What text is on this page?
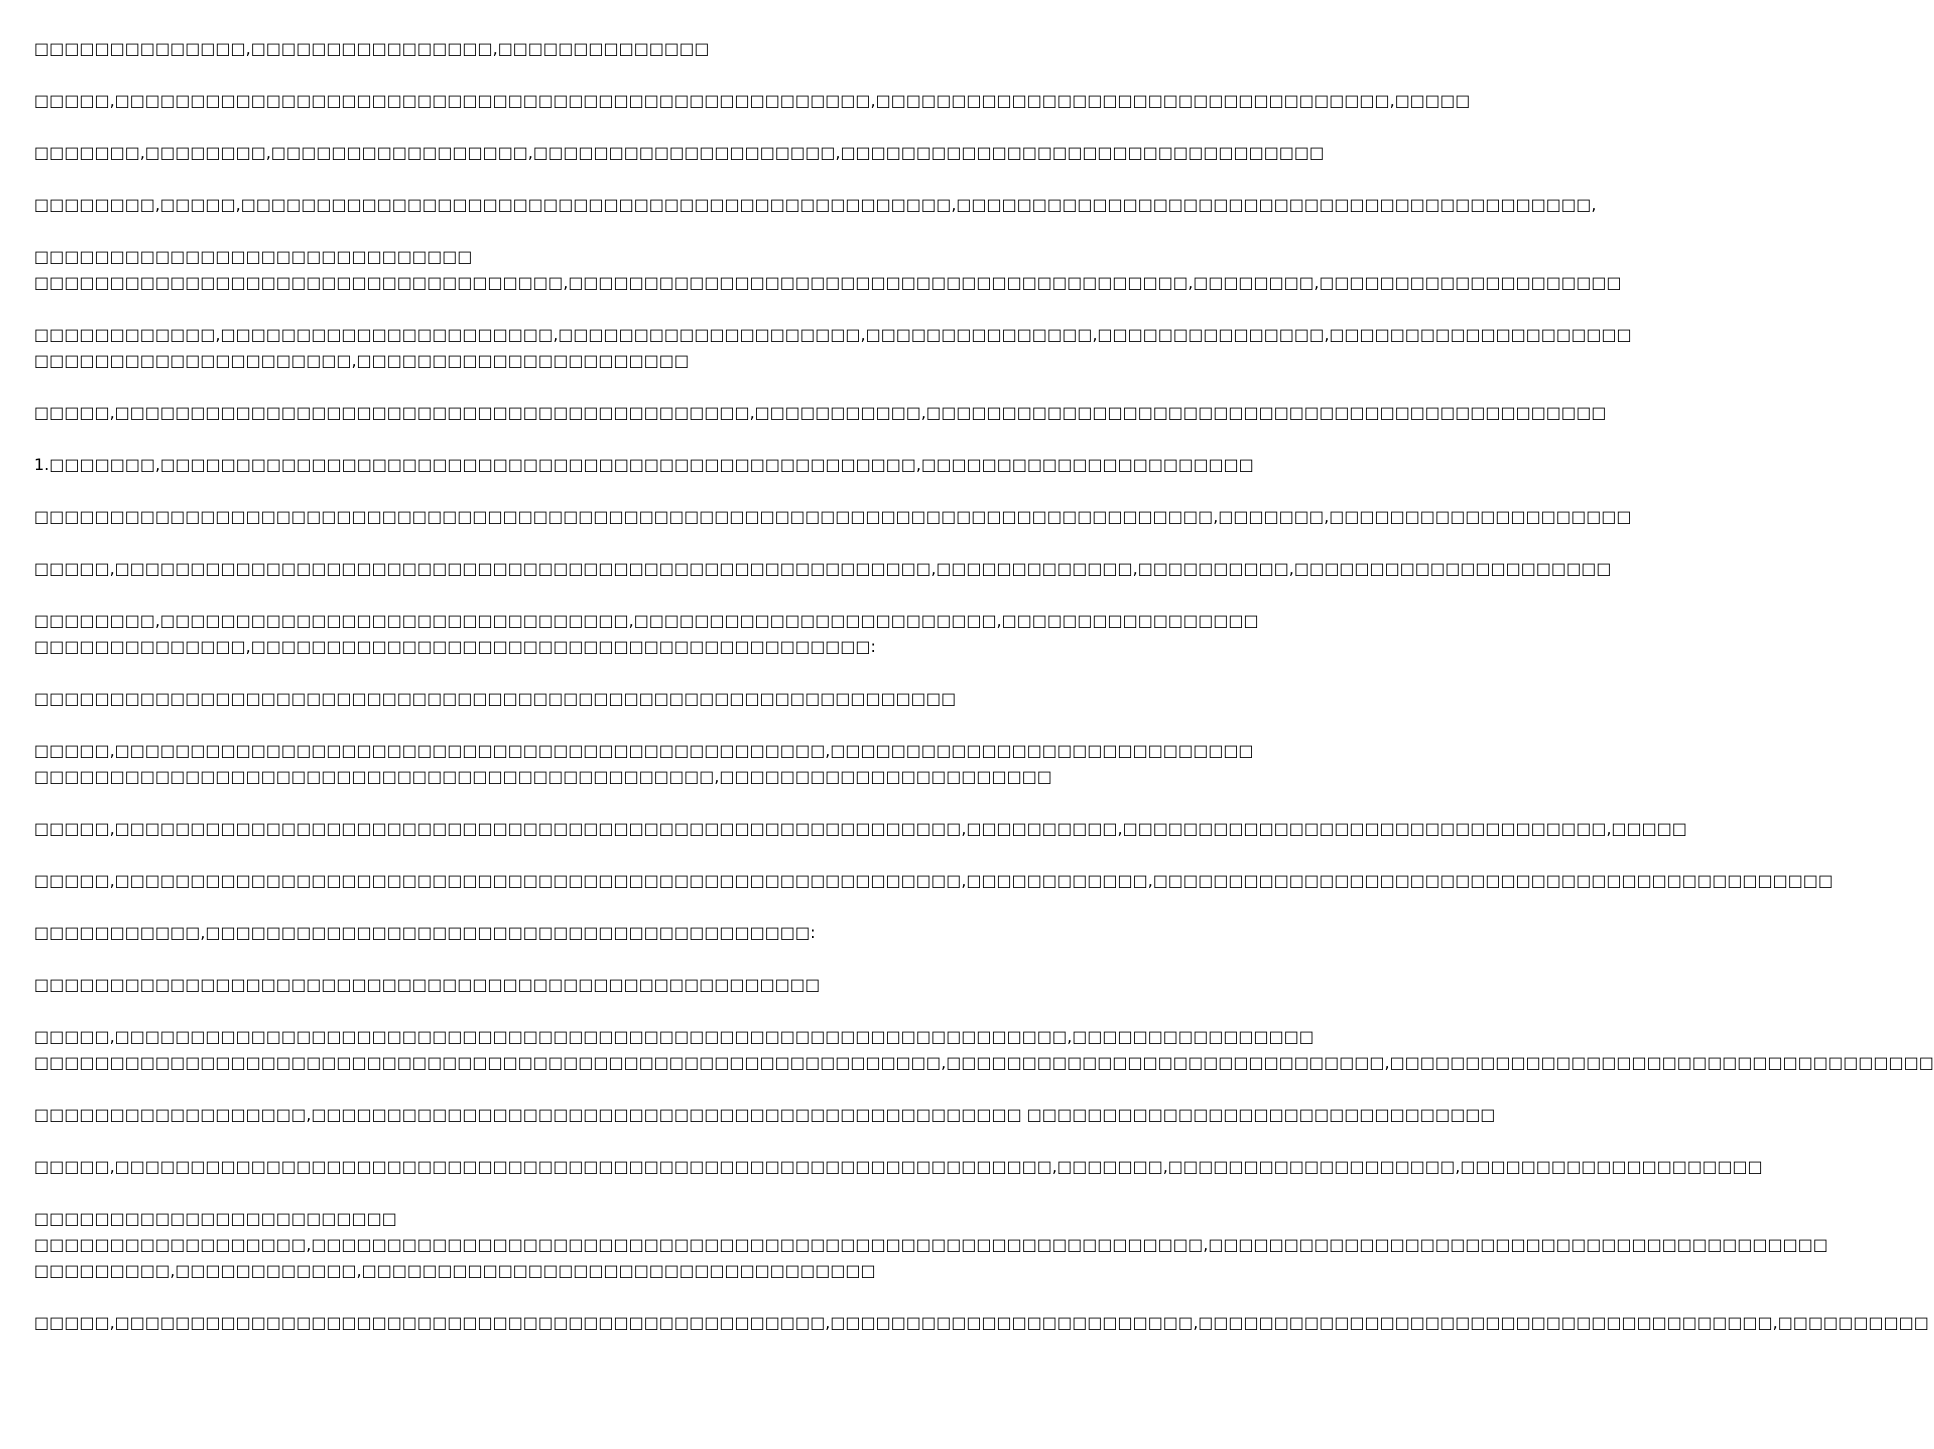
□□□□□□□□□□□□□□,□□□□□□□□□□□□□□□□,□□□□□□□□□□□□□□

□□□□□,□□□□□□□□□□□□□□□□□□□□□□□□□□□□□□□□□□□□□□□□□□□□□□□□□□,□□□□□□□□□□□□□□□□□□□□□□□□□□□□□□□□□□,□□□□□

□□□□□□□,□□□□□□□□,□□□□□□□□□□□□□□□□□,□□□□□□□□□□□□□□□□□□□□,□□□□□□□□□□□□□□□□□□□□□□□□□□□□□□□□

□□□□□□□□,□□□□□,□□□□□□□□□□□□□□□□□□□□□□□□□□□□□□□□□□□□□□□□□□□□□□□,□□□□□□□□□□□□□□□□□□□□□□□□□□□□□□□□□□□□□□□□□□,

□□□□□□□□□□□□□□□□□□□□□□□□□□□□□
□□□□□□□□□□□□□□□□□□□□□□□□□□□□□□□□□□□,□□□□□□□□□□□□□□□□□□□□□□□□□□□□□□□□□□□□□□□□□,□□□□□□□□,□□□□□□□□□□□□□□□□□□□□

□□□□□□□□□□□□,□□□□□□□□□□□□□□□□□□□□□□,□□□□□□□□□□□□□□□□□□□□,□□□□□□□□□□□□□□□,□□□□□□□□□□□□□□□,□□□□□□□□□□□□□□□□□□□□
□□□□□□□□□□□□□□□□□□□□□,□□□□□□□□□□□□□□□□□□□□□□

□□□□□,□□□□□□□□□□□□□□□□□□□□□□□□□□□□□□□□□□□□□□□□□□,□□□□□□□□□□□,□□□□□□□□□□□□□□□□□□□□□□□□□□□□□□□□□□□□□□□□□□□□□

1.□□□□□□□,□□□□□□□□□□□□□□□□□□□□□□□□□□□□□□□□□□□□□□□□□□□□□□□□□□,□□□□□□□□□□□□□□□□□□□□□□

□□□□□□□□□□□□□□□□□□□□□□□□□□□□□□□□□□□□□□□□□□□□□□□□□□□□□□□□□□□□□□□□□□□□□□□□□□□□□□,□□□□□□□,□□□□□□□□□□□□□□□□□□□□

□□□□□,□□□□□□□□□□□□□□□□□□□□□□□□□□□□□□□□□□□□□□□□□□□□□□□□□□□□□□,□□□□□□□□□□□□□,□□□□□□□□□□,□□□□□□□□□□□□□□□□□□□□□

□□□□□□□□,□□□□□□□□□□□□□□□□□□□□□□□□□□□□□□□,□□□□□□□□□□□□□□□□□□□□□□□□,□□□□□□□□□□□□□□□□□
□□□□□□□□□□□□□□,□□□□□□□□□□□□□□□□□□□□□□□□□□□□□□□□□□□□□□□□□:

□□□□□□□□□□□□□□□□□□□□□□□□□□□□□□□□□□□□□□□□□□□□□□□□□□□□□□□□□□□□□

□□□□□,□□□□□□□□□□□□□□□□□□□□□□□□□□□□□□□□□□□□□□□□□□□□□□□,□□□□□□□□□□□□□□□□□□□□□□□□□□□□
□□□□□□□□□□□□□□□□□□□□□□□□□□□□□□□□□□□□□□□□□□□□□,□□□□□□□□□□□□□□□□□□□□□□

□□□□□,□□□□□□□□□□□□□□□□□□□□□□□□□□□□□□□□□□□□□□□□□□□□□□□□□□□□□□□□,□□□□□□□□□□,□□□□□□□□□□□□□□□□□□□□□□□□□□□□□□□□,□□□□□

□□□□□,□□□□□□□□□□□□□□□□□□□□□□□□□□□□□□□□□□□□□□□□□□□□□□□□□□□□□□□□,□□□□□□□□□□□□,□□□□□□□□□□□□□□□□□□□□□□□□□□□□□□□□□□□□□□□□□□□□□

□□□□□□□□□□□,□□□□□□□□□□□□□□□□□□□□□□□□□□□□□□□□□□□□□□□□:

□□□□□□□□□□□□□□□□□□□□□□□□□□□□□□□□□□□□□□□□□□□□□□□□□□□□

□□□□□,□□□□□□□□□□□□□□□□□□□□□□□□□□□□□□□□□□□□□□□□□□□□□□□□□□□□□□□□□□□□□□□,□□□□□□□□□□□□□□□□
□□□□□□□□□□□□□□□□□□□□□□□□□□□□□□□□□□□□□□□□□□□□□□□□□□□□□□□□□□□□,□□□□□□□□□□□□□□□□□□□□□□□□□□□□□,□□□□□□□□□□□□□□□□□□□□□□□□□□□□□□□□□□□□

□□□□□□□□□□□□□□□□□□,□□□□□□□□□□□□□□□□□□□□□□□□□□□□□□□□□□□□□□□□□□□□□□□ □□□□□□□□□□□□□□□□□□□□□□□□□□□□□□□

□□□□□,□□□□□□□□□□□□□□□□□□□□□□□□□□□□□□□□□□□□□□□□□□□□□□□□□□□□□□□□□□□□□□,□□□□□□□,□□□□□□□□□□□□□□□□□□□,□□□□□□□□□□□□□□□□□□□□

□□□□□□□□□□□□□□□□□□□□□□□□
□□□□□□□□□□□□□□□□□□,□□□□□□□□□□□□□□□□□□□□□□□□□□□□□□□□□□□□□□□□□□□□□□□□□□□□□□□□□□□,□□□□□□□□□□□□□□□□□□□□□□□□□□□□□□□□□□□□□□□□□
□□□□□□□□□,□□□□□□□□□□□□,□□□□□□□□□□□□□□□□□□□□□□□□□□□□□□□□□□

□□□□□,□□□□□□□□□□□□□□□□□□□□□□□□□□□□□□□□□□□□□□□□□□□□□□□,□□□□□□□□□□□□□□□□□□□□□□□□,□□□□□□□□□□□□□□□□□□□□□□□□□□□□□□□□□□□□□□,□□□□□□□□□□
